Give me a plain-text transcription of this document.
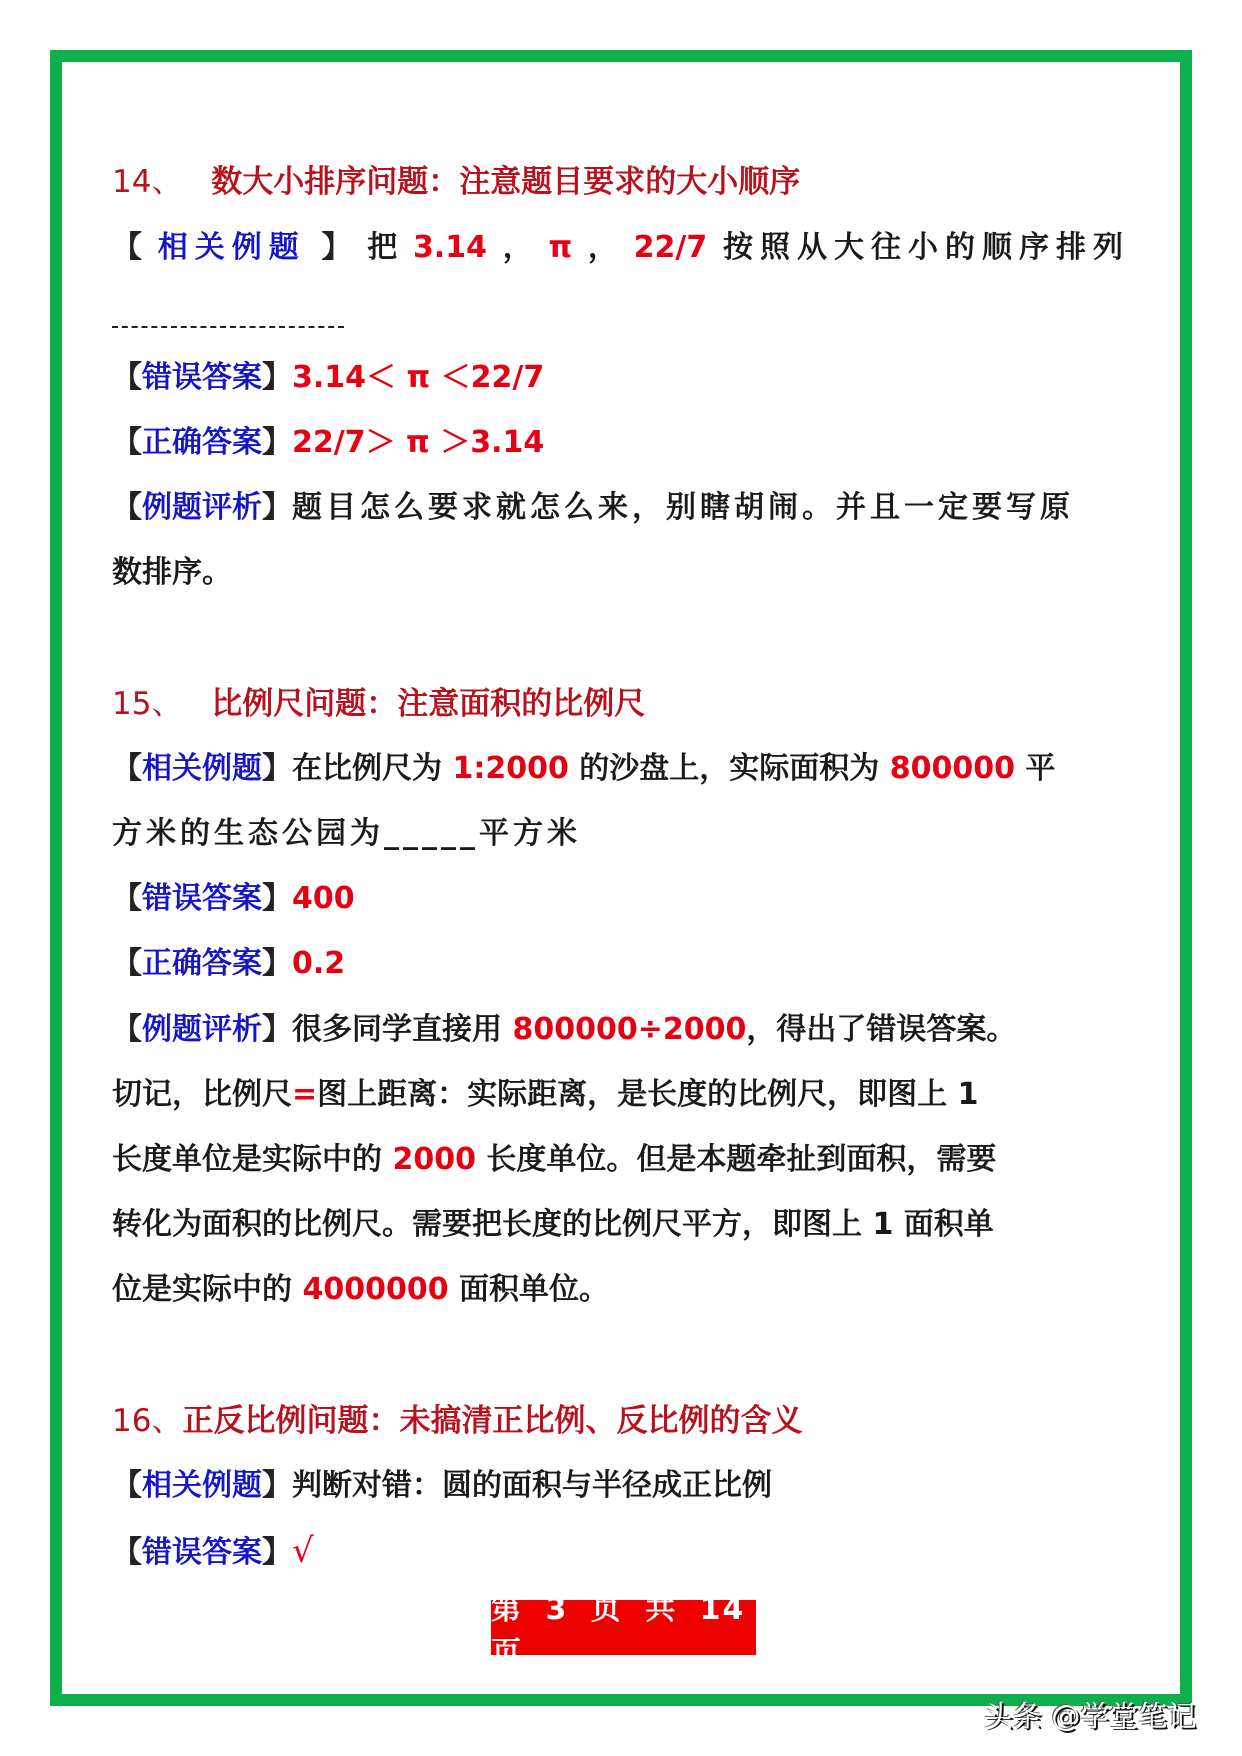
14、 数大小排序问题：注意题目要求的大小顺序
【 相关例题 】 把 3.14 ， π ， 22/7 按照从大往小的顺序排列
【错误答案】3.14＜ π ＜22/7
【正确答案】22/7＞ π ＞3.14
【例题评析】题目怎么要求就怎么来，别瞎胡闹。并且一定要写原
数排序。
15、 比例尺问题：注意面积的比例尺
【相关例题】在比例尺为 1:2000 的沙盘上，实际面积为 800000 平
方米的生态公园为_____平方米
【错误答案】400
【正确答案】0.2
【例题评析】很多同学直接用 800000÷2000，得出了错误答案。
切记，比例尺=图上距离：实际距离，是长度的比例尺，即图上 1
长度单位是实际中的 2000 长度单位。但是本题牵扯到面积，需要
转化为面积的比例尺。需要把长度的比例尺平方，即图上 1 面积单
位是实际中的 4000000 面积单位。
16、正反比例问题：未搞清正比例、反比例的含义
【相关例题】判断对错：圆的面积与半径成正比例
【错误答案】√
第 3 页 共 14 页
头条 @学堂笔记
